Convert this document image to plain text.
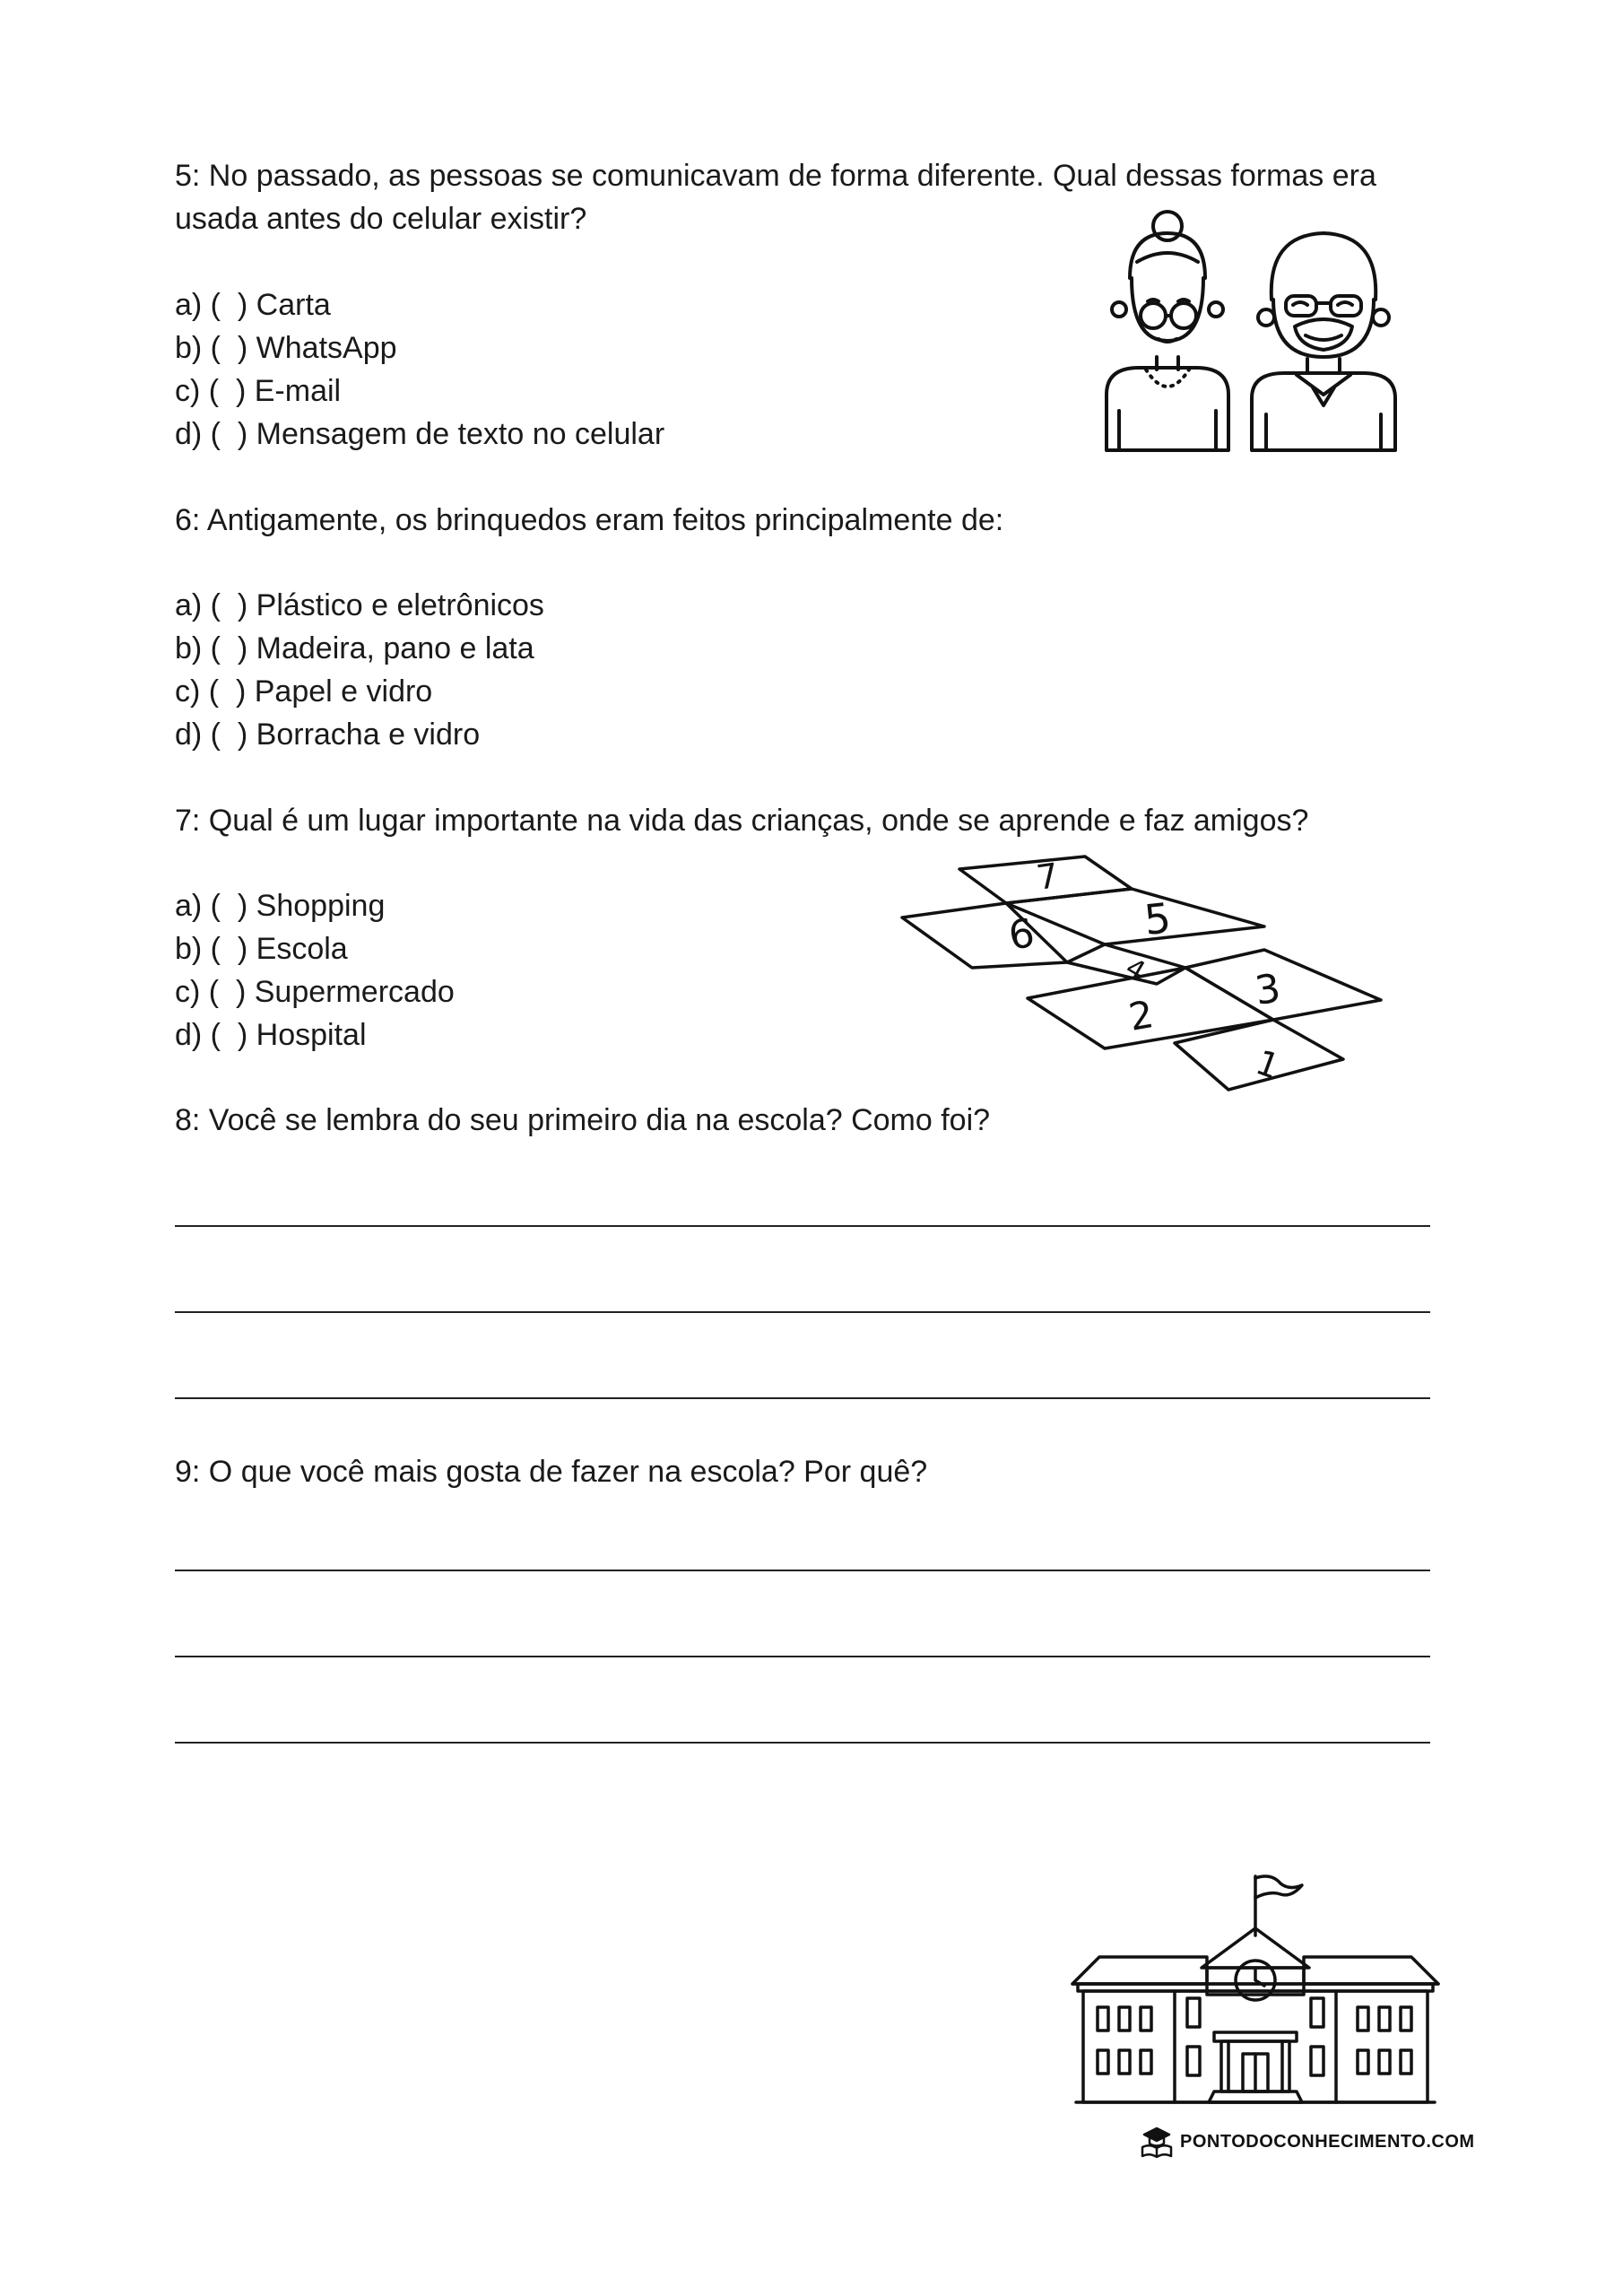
5: No passado, as pessoas se comunicavam de forma diferente. Qual dessas formas era
usada antes do celular existir?
a) (  ) Carta
b) (  ) WhatsApp
c) (  ) E-mail
d) (  ) Mensagem de texto no celular
6: Antigamente, os brinquedos eram feitos principalmente de:
a) (  ) Plástico e eletrônicos
b) (  ) Madeira, pano e lata
c) (  ) Papel e vidro
d) (  ) Borracha e vidro
7: Qual é um lugar importante na vida das crianças, onde se aprende e faz amigos?
a) (  ) Shopping
b) (  ) Escola
c) (  ) Supermercado
d) (  ) Hospital
7
6	5
4	3
2
1
8: Você se lembra do seu primeiro dia na escola? Como foi?
9: O que você mais gosta de fazer na escola? Por quê?
PONTODOCONHECIMENTO.COM
